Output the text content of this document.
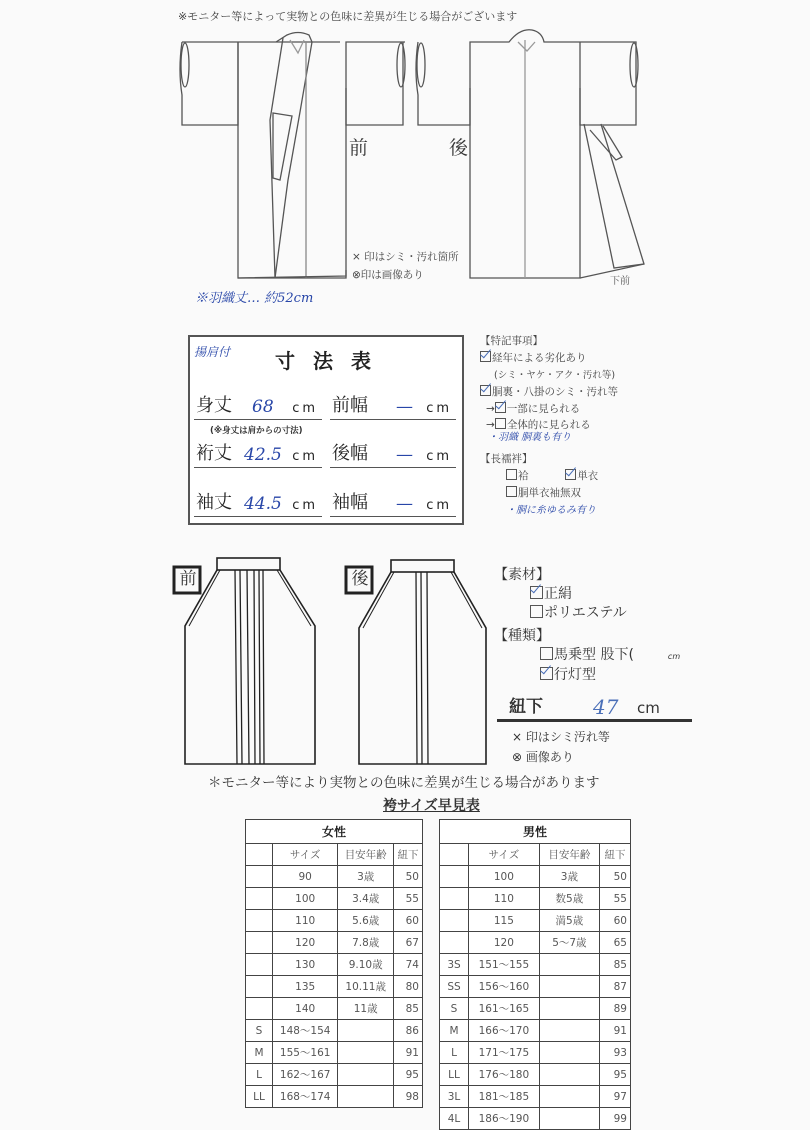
※モニター等によって実物との色味に差異が生じる場合がございます
前	後
下前
× 印はシミ・汚れ箇所
⊗印は画像あり
※羽織丈… 約52cm
揚肩付 寸法表
身丈 68 cm 前幅 — cm
(※身丈は肩からの寸法)
裄丈 42.5 cm 後幅 — cm
袖丈 44.5 cm 袖幅 — cm
【特記事項】
経年による劣化あり
(シミ・ヤケ・アク・汚れ等)
胴裏・八掛のシミ・汚れ等
→ 一部に見られる
→ 全体的に見られる
・羽織 胴裏も有り
【長襦袢】
袷	単衣
胴単衣袖無双
・胴に糸ゆるみ有り
前	後	【素材】
正絹
ポリエステル
【種類】
馬乗型 股下(	cm
行灯型
紐下	47 cm
× 印はシミ汚れ等
⊗ 画像あり
＊モニター等により実物との色味に差異が生じる場合があります
袴サイズ早見表
女性			
	サイズ	目安年齢	紐下
	90	3歳	50
	100	3.4歳	55
	110	5.6歳	60
	120	7.8歳	67
	130	9.10歳	74
	135	10.11歳	80
	140	11歳	85
S	148〜154		86
M	155〜161		91
L	162〜167		95
LL	168〜174		98
男性			
	サイズ	目安年齢	紐下
	100	3歳	50
	110	数5歳	55
	115	満5歳	60
	120	5〜7歳	65
3S	151〜155		85
SS	156〜160		87
S	161〜165		89
M	166〜170		91
L	171〜175		93
LL	176〜180		95
3L	181〜185		97
4L	186〜190		99
